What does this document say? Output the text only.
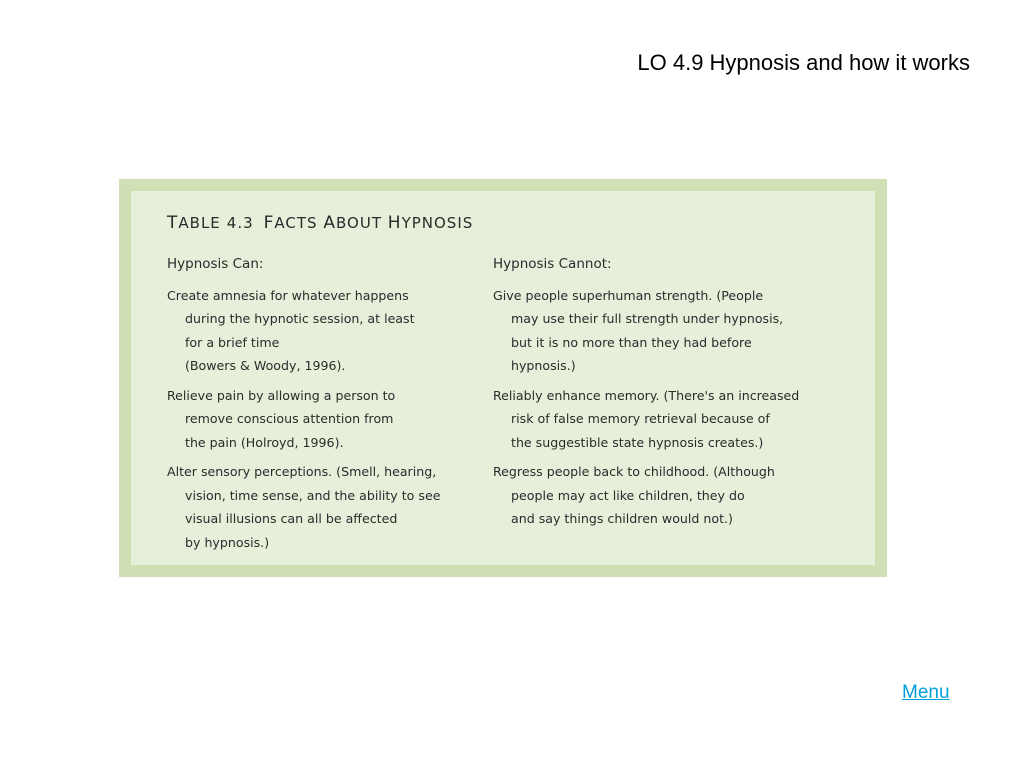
LO 4.9 Hypnosis and how it works
TABLE 4.3 FACTS ABOUT HYPNOSIS
Hypnosis Can:
Create amnesia for whatever happens
during the hypnotic session, at least
for a brief time
(Bowers & Woody, 1996).
Relieve pain by allowing a person to
remove conscious attention from
the pain (Holroyd, 1996).
Alter sensory perceptions. (Smell, hearing,
vision, time sense, and the ability to see
visual illusions can all be affected
by hypnosis.)
Hypnosis Cannot:
Give people superhuman strength. (People
may use their full strength under hypnosis,
but it is no more than they had before
hypnosis.)
Reliably enhance memory. (There's an increased
risk of false memory retrieval because of
the suggestible state hypnosis creates.)
Regress people back to childhood. (Although
people may act like children, they do
and say things children would not.)
Menu
